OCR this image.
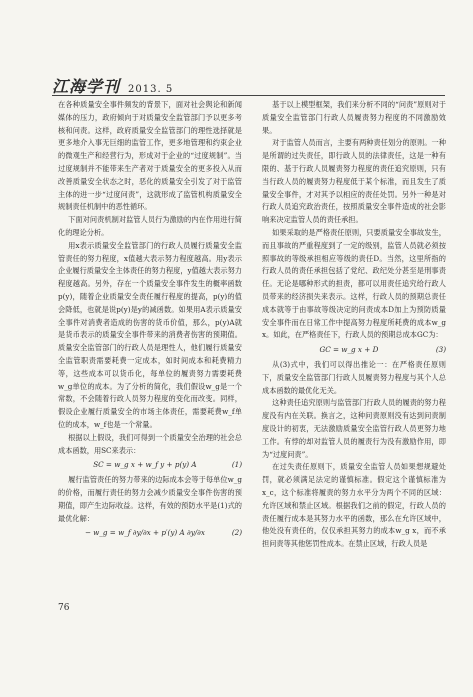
江海学刊 2013. 5

在各种质量安全事件频发的背景下，面对社会舆论和新闻媒体的压力，政府倾向于对质量安全监管部门予以更多考核和问责。这样，政府质量安全监管部门的理性选择就是更多地介入事无巨细的监管工作，更多地管理和约束企业的微观生产和经营行为，形成对于企业的“过度规制”。当过度规制并不能带来生产者对于质量安全的更多投入从而改善质量安全状态之时，恶化的质量安全引发了对于监管主体的进一步“过度问责”，这就形成了监管机构质量安全规制责任机制中的恶性循环。

下面对问责机制对监管人员行为激励的内在作用进行简化的理论分析。

用x表示质量安全监管部门的行政人员履行质量安全监管责任的努力程度，x值越大表示努力程度越高。用y表示企业履行质量安全主体责任的努力程度，y值越大表示努力程度越高。另外，存在一个质量安全事件发生的概率函数p(y)，随着企业质量安全责任履行程度的提高，p(y)的值会降低，也就是说p(y)是y的减函数。如果用A表示质量安全事件对消费者造成的伤害的货币价值，那么，p(y)A就是货币表示的质量安全事件带来的消费者伤害的预期值。质量安全监管部门的行政人员是理性人，他们履行质量安全监管职责需要耗费一定成本，如时间成本和耗费精力等，这些成本可以货币化，每单位的履责努力需要耗费w_g单位的成本。为了分析的简化，我们假设w_g是一个常数，不会随着行政人员努力程度的变化而改变。同样，假设企业履行质量安全的市场主体责任，需要耗费w_f单位的成本，w_f也是一个常量。

根据以上假设，我们可得到一个质量安全治理的社会总成本函数，用SC来表示：

SC = w_g x + w_f y + p(y) A	(1)

履行监管责任的努力带来的边际成本会等于每单位w_g的价格，而履行责任的努力会减少质量安全事件伤害的预期值，即产生边际收益。这样，有效的预防水平是(1)式的最优化解：

− w_g = w_f ∂y/∂x + p′(y) A ∂y/∂x	(2)

基于以上模型框架，我们来分析不同的“问责”原则对于质量安全监管部门行政人员履责努力程度的不同激励效果。

对于监管人员而言，主要有两种责任划分的原则。一种是所谓的过失责任，即行政人员的法律责任，这是一种有限的、基于行政人员履责努力程度的责任追究原则，只有当行政人员的履责努力程度低于某个标准，而且发生了质量安全事件，才对其予以相应的责任处罚。另外一种是对行政人员追究政治责任，按照质量安全事件造成的社会影响来决定监管人员的责任承担。

如果采取的是严格责任原则，只要质量安全事故发生，而且事故的严重程度到了一定的级别，监管人员就必须按照事故的等级承担相应等级的责任D。当然，这里所指的行政人员的责任承担包括了党纪、政纪处分甚至是刑事责任。无论是哪种形式的担责，都可以用责任追究给行政人员带来的经济损失来表示。这样，行政人员的预期总责任成本就等于由事故等级决定的问责成本D加上为预防质量安全事件而在日常工作中提高努力程度所耗费的成本w_g x。如此，在严格责任下，行政人员的预期总成本GC为：

GC = w_g x + D	(3)

从(3)式中，我们可以得出推论一：在严格责任原则下，质量安全监管部门行政人员履责努力程度与其个人总成本函数的最优化无关。

这种责任追究原则与监管部门行政人员的履责的努力程度没有内在关联。换言之，这种问责原则没有达到问责制度设计的初衷，无法激励质量安全监管行政人员更努力地工作。有悖的却对监管人员的履责行为没有激励作用，即为“过度问责”。

在过失责任原则下，质量安全监管人员如果想规避处罚，就必须满足法定的谨慎标准。假定这个谨慎标准为x_c，这个标准将履责的努力水平分为两个不同的区域：允许区域和禁止区域。根据我们之前的假定，行政人员的责任履行成本是其努力水平的函数，那么在允许区域中，他处没有责任的，仅仅承担其努力的成本w_g x，而不承担问责等其他惩罚性成本。在禁止区域，行政人员是

76
